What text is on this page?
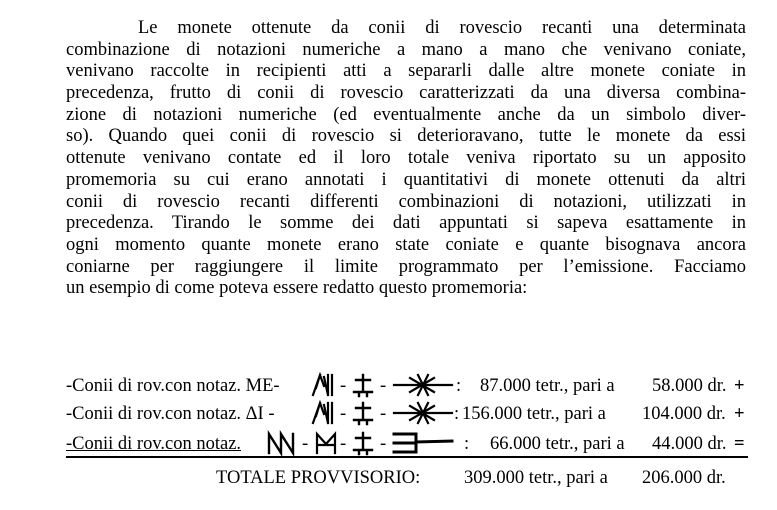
Le monete ottenute da conii di rovescio recanti una determinata
combinazione di notazioni numeriche a mano a mano che venivano coniate,
venivano raccolte in recipienti atti a separarli dalle altre monete coniate in
precedenza, frutto di conii di rovescio caratterizzati da una diversa combina-
zione di notazioni numeriche (ed eventualmente anche da un simbolo diver-
so). Quando quei conii di rovescio si deterioravano, tutte le monete da essi
ottenute venivano contate ed il loro totale veniva riportato su un apposito
promemoria su cui erano annotati i quantitativi di monete ottenuti da altri
conii di rovescio recanti differenti combinazioni di notazioni, utilizzati in
precedenza. Tirando le somme dei dati appuntati si sapeva esattamente in
ogni momento quante monete erano state coniate e quante bisognava ancora
coniarne per raggiungere il limite programmato per l’emissione. Facciamo
un esempio di come poteva essere redatto questo promemoria:

-Conii di rov.con notaz. ME-	- -	: 87.000 tetr., pari a 58.000 dr. +
-Conii di rov.con notaz. ΔI -	- -	: 156.000 tetr., pari a 104.000 dr. +
-Conii di rov.con notaz.	- - -	: 66.000 tetr., pari a 44.000 dr. =
TOTALE PROVVISORIO: 309.000 tetr., pari a 206.000 dr.
